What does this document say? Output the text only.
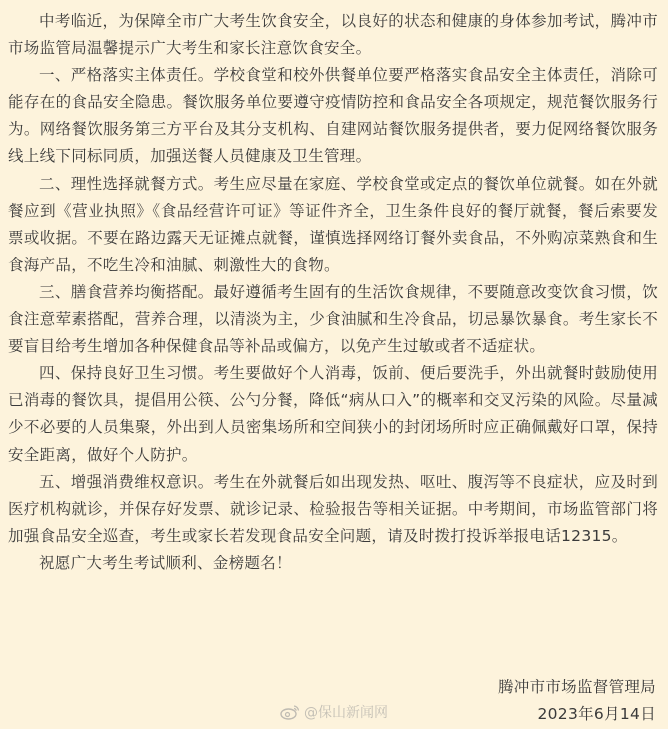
中考临近，为保障全市广大考生饮食安全，以良好的状态和健康的身体参加考试，腾冲市市场监管局温馨提示广大考生和家长注意饮食安全。

一、严格落实主体责任。学校食堂和校外供餐单位要严格落实食品安全主体责任，消除可能存在的食品安全隐患。餐饮服务单位要遵守疫情防控和食品安全各项规定，规范餐饮服务行为。网络餐饮服务第三方平台及其分支机构、自建网站餐饮服务提供者，要力促网络餐饮服务线上线下同标同质，加强送餐人员健康及卫生管理。

二、理性选择就餐方式。考生应尽量在家庭、学校食堂或定点的餐饮单位就餐。如在外就餐应到《营业执照》《食品经营许可证》等证件齐全，卫生条件良好的餐厅就餐，餐后索要发票或收据。不要在路边露天无证摊点就餐，谨慎选择网络订餐外卖食品，不外购凉菜熟食和生食海产品，不吃生冷和油腻、刺激性大的食物。

三、膳食营养均衡搭配。最好遵循考生固有的生活饮食规律，不要随意改变饮食习惯，饮食注意荤素搭配，营养合理，以清淡为主，少食油腻和生冷食品，切忌暴饮暴食。考生家长不要盲目给考生增加各种保健食品等补品或偏方，以免产生过敏或者不适症状。

四、保持良好卫生习惯。考生要做好个人消毒，饭前、便后要洗手，外出就餐时鼓励使用已消毒的餐饮具，提倡用公筷、公勺分餐，降低“病从口入”的概率和交叉污染的风险。尽量减少不必要的人员集聚，外出到人员密集场所和空间狭小的封闭场所时应正确佩戴好口罩，保持安全距离，做好个人防护。

五、增强消费维权意识。考生在外就餐后如出现发热、呕吐、腹泻等不良症状，应及时到医疗机构就诊，并保存好发票、就诊记录、检验报告等相关证据。中考期间，市场监管部门将加强食品安全巡查，考生或家长若发现食品安全问题，请及时拨打投诉举报电话12315。

祝愿广大考生考试顺利、金榜题名！

腾冲市市场监督管理局
2023年6月14日
@保山新闻网
